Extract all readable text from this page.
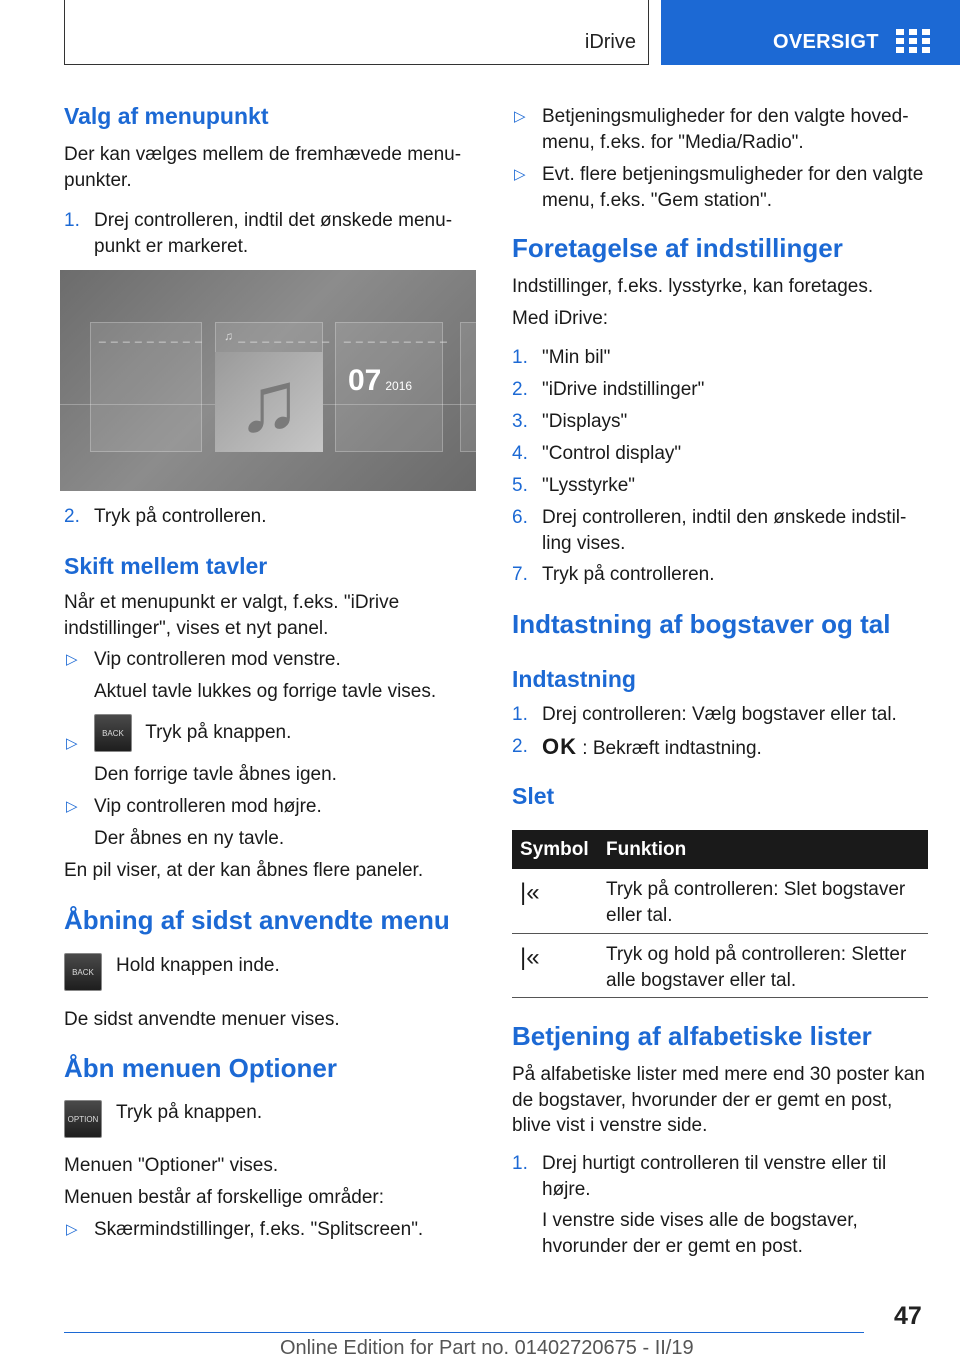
iDrive	OVERSIGT
Valg af menupunkt
Der kan vælges mellem de fremhævede menupunkter.
1. Drej controlleren, indtil det ønskede menupunkt er markeret.
_ _ _ _ _ _ _ _ _ ♫ _ _ _ _ _ _ _ _
♫
_ _ _ _ _ _ _ _ _
07 2016
2. Tryk på controlleren.
Skift mellem tavler
Når et menupunkt er valgt, f.eks. "iDrive indstillinger", vises et nyt panel.
▷ Vip controlleren mod venstre.
Aktuel tavle lukkes og forrige tavle vises.
▷
BACK Tryk på knappen.
Den forrige tavle åbnes igen.
▷ Vip controlleren mod højre.
Der åbnes en ny tavle.
En pil viser, at der kan åbnes flere paneler.
Åbning af sidst anvendte menu
BACK Hold knappen inde.
De sidst anvendte menuer vises.
Åbn menuen Optioner
OPTION Tryk på knappen.
Menuen "Optioner" vises.
Menuen består af forskellige områder:
▷ Skærmindstillinger, f.eks. "Splitscreen".
▷ Betjeningsmuligheder for den valgte hovedmenu, f.eks. for "Media/Radio".
▷ Evt. flere betjeningsmuligheder for den valgte menu, f.eks. "Gem station".
Foretagelse af indstillinger
Indstillinger, f.eks. lysstyrke, kan foretages.
Med iDrive:
1. "Min bil"
2. "iDrive indstillinger"
3. "Displays"
4. "Control display"
5. "Lysstyrke"
6. Drej controlleren, indtil den ønskede indstilling vises.
7. Tryk på controlleren.
Indtastning af bogstaver og tal
Indtastning
1. Drej controlleren: Vælg bogstaver eller tal.
2. OK : Bekræft indtastning.
Slet
Symbol Funktion
|«	Tryk på controlleren: Slet bogstaver eller tal.
|«	Tryk og hold på controlleren: Sletter alle bogstaver eller tal.
Betjening af alfabetiske lister
På alfabetiske lister med mere end 30 poster kan de bogstaver, hvorunder der er gemt en post, blive vist i venstre side.
1. Drej hurtigt controlleren til venstre eller til højre.
I venstre side vises alle de bogstaver, hvorunder der er gemt en post.
47
Online Edition for Part no. 01402720675 - II/19
